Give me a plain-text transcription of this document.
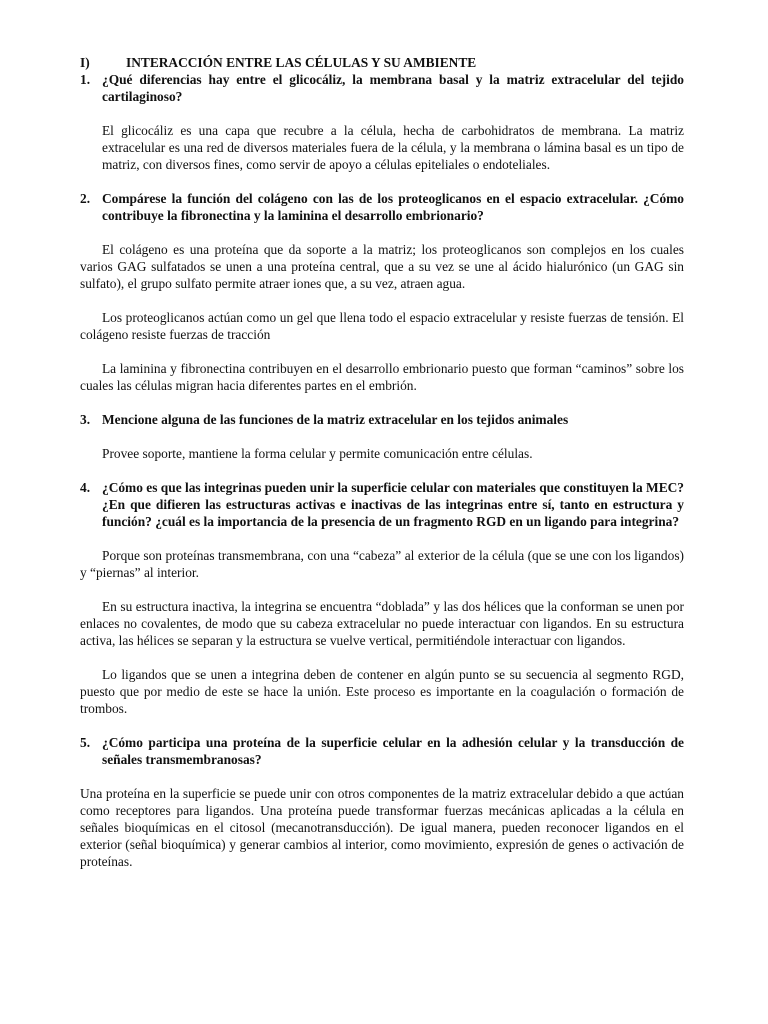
I)	INTERACCIÓN ENTRE LAS CÉLULAS Y SU AMBIENTE
1. ¿Qué diferencias hay entre el glicocáliz, la membrana basal y la matriz extracelular del tejido cartilaginoso?

El glicocáliz es una capa que recubre a la célula, hecha de carbohidratos de membrana. La matriz extracelular es una red de diversos materiales fuera de la célula, y la membrana o lámina basal es un tipo de matriz, con diversos fines, como servir de apoyo a células epiteliales o endoteliales.

2. Compárese la función del colágeno con las de los proteoglicanos en el espacio extracelular. ¿Cómo contribuye la fibronectina y la laminina el desarrollo embrionario?

El colágeno es una proteína que da soporte a la matriz; los proteoglicanos son complejos en los cuales varios GAG sulfatados se unen a una proteína central, que a su vez se une al ácido hialurónico (un GAG sin sulfato), el grupo sulfato permite atraer iones que, a su vez, atraen agua.

Los proteoglicanos actúan como un gel que llena todo el espacio extracelular y resiste fuerzas de tensión. El colágeno resiste fuerzas de tracción

La laminina y fibronectina contribuyen en el desarrollo embrionario puesto que forman “caminos” sobre los cuales las células migran hacia diferentes partes en el embrión.

3. Mencione alguna de las funciones de la matriz extracelular en los tejidos animales

Provee soporte, mantiene la forma celular y permite comunicación entre células.

4. ¿Cómo es que las integrinas pueden unir la superficie celular con materiales que constituyen la MEC? ¿En que difieren las estructuras activas e inactivas de las integrinas entre sí, tanto en estructura y función? ¿cuál es la importancia de la presencia de un fragmento RGD en un ligando para integrina?

Porque son proteínas transmembrana, con una “cabeza” al exterior de la célula (que se une con los ligandos) y “piernas” al interior.

En su estructura inactiva, la integrina se encuentra “doblada” y las dos hélices que la conforman se unen por enlaces no covalentes, de modo que su cabeza extracelular no puede interactuar con ligandos. En su estructura activa, las hélices se separan y la estructura se vuelve vertical, permitiéndole interactuar con ligandos.

Lo ligandos que se unen a integrina deben de contener en algún punto se su secuencia al segmento RGD, puesto que por medio de este se hace la unión. Este proceso es importante en la coagulación o formación de trombos.

5. ¿Cómo participa una proteína de la superficie celular en la adhesión celular y la transducción de señales transmembranosas?

Una proteína en la superficie se puede unir con otros componentes de la matriz extracelular debido a que actúan como receptores para ligandos. Una proteína puede transformar fuerzas mecánicas aplicadas a la célula en señales bioquímicas en el citosol (mecanotransducción). De igual manera, pueden reconocer ligandos en el exterior (señal bioquímica) y generar cambios al interior, como movimiento, expresión de genes o activación de proteínas.
